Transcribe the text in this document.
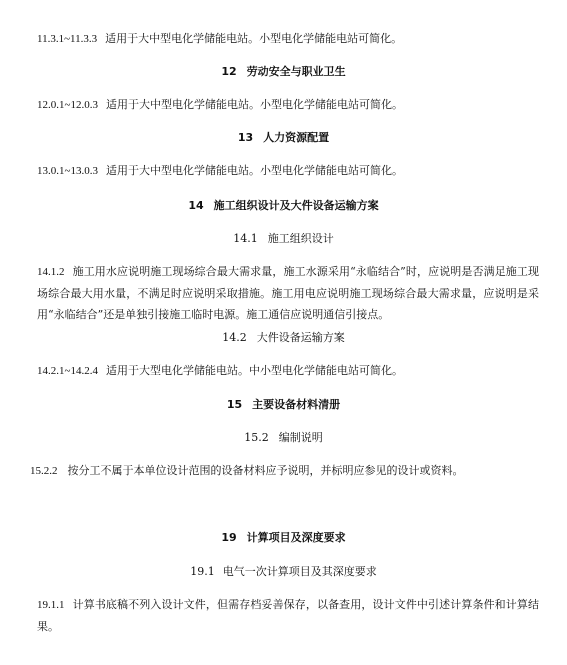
11.3.1~11.3.3 适用于大中型电化学储能电站。小型电化学储能电站可简化。
12 劳动安全与职业卫生
12.0.1~12.0.3 适用于大中型电化学储能电站。小型电化学储能电站可简化。
13 人力资源配置
13.0.1~13.0.3 适用于大中型电化学储能电站。小型电化学储能电站可简化。
14 施工组织设计及大件设备运输方案
14.1 施工组织设计
14.1.2 施工用水应说明施工现场综合最大需求量，施工水源采用“永临结合”时，应说明是否满足施工现场综合最大用水量，不满足时应说明采取措施。施工用电应说明施工现场综合最大需求量，应说明是采用“永临结合”还是单独引接施工临时电源。施工通信应说明通信引接点。
14.2 大件设备运输方案
14.2.1~14.2.4 适用于大型电化学储能电站。中小型电化学储能电站可简化。
15 主要设备材料清册
15.2 编制说明
15.2.2 按分工不属于本单位设计范围的设备材料应予说明，并标明应参见的设计或资料。
19 计算项目及深度要求
19.1 电气一次计算项目及其深度要求
19.1.1 计算书底稿不列入设计文件，但需存档妥善保存，以备查用，设计文件中引述计算条件和计算结果。
